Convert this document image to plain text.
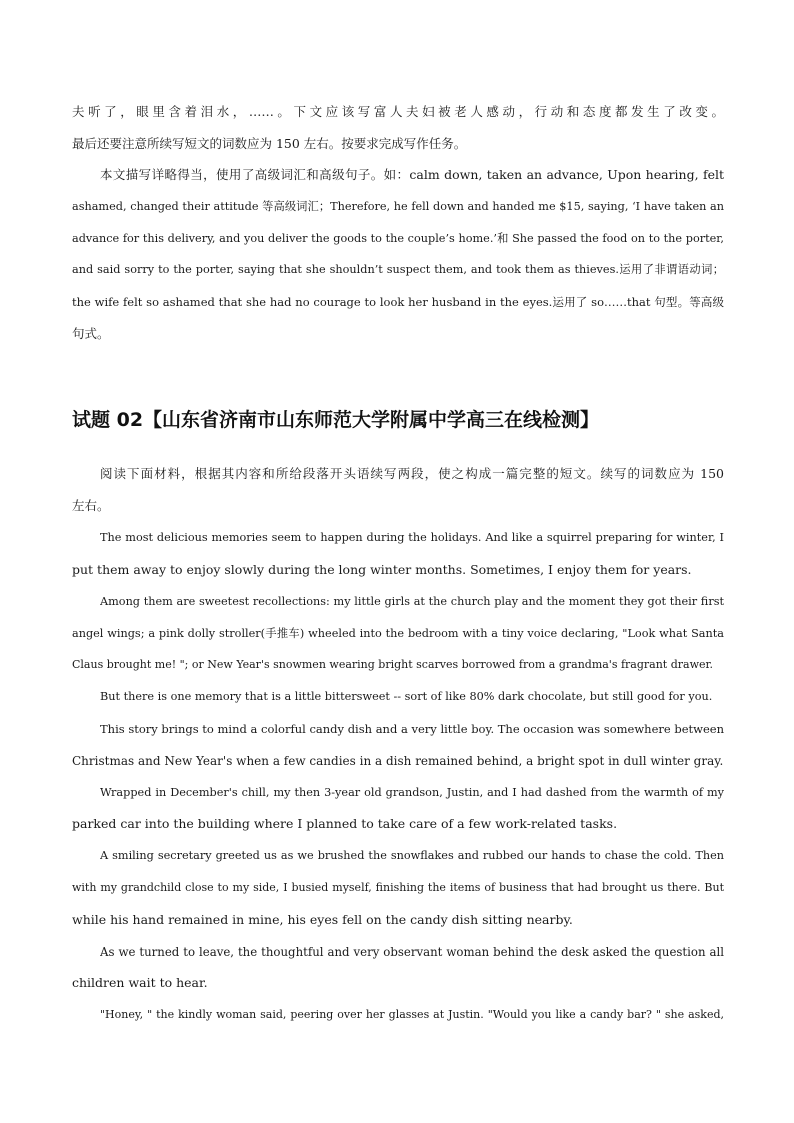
夫听了，眼里含着泪水，……。下文应该写富人夫妇被老人感动，行动和态度都发生了改变。
最后还要注意所续写短文的词数应为 150 左右。按要求完成写作任务。
本文描写详略得当，使用了高级词汇和高级句子。如：calm down, taken an advance, Upon hearing, felt
ashamed, changed their attitude 等高级词汇；Therefore, he fell down and handed me $15, saying, ‘I have taken an
advance for this delivery, and you deliver the goods to the couple’s home.’和 She passed the food on to the porter,
and said sorry to the porter, saying that she shouldn’t suspect them, and took them as thieves.运用了非谓语动词；
the wife felt so ashamed that she had no courage to look her husband in the eyes.运用了 so……that 句型。等高级
句式。
试题 02【山东省济南市山东师范大学附属中学高三在线检测】
阅读下面材料，根据其内容和所给段落开头语续写两段，使之构成一篇完整的短文。续写的词数应为 150
左右。
The most delicious memories seem to happen during the holidays. And like a squirrel preparing for winter, I
put them away to enjoy slowly during the long winter months. Sometimes, I enjoy them for years.
Among them are sweetest recollections: my little girls at the church play and the moment they got their first
angel wings; a pink dolly stroller(手推车) wheeled into the bedroom with a tiny voice declaring, "Look what Santa
Claus brought me! "; or New Year's snowmen wearing bright scarves borrowed from a grandma's fragrant drawer.
But there is one memory that is a little bittersweet -- sort of like 80% dark chocolate, but still good for you.
This story brings to mind a colorful candy dish and a very little boy. The occasion was somewhere between
Christmas and New Year's when a few candies in a dish remained behind, a bright spot in dull winter gray.
Wrapped in December's chill, my then 3-year old grandson, Justin, and I had dashed from the warmth of my
parked car into the building where I planned to take care of a few work-related tasks.
A smiling secretary greeted us as we brushed the snowflakes and rubbed our hands to chase the cold. Then
with my grandchild close to my side, I busied myself, finishing the items of business that had brought us there. But
while his hand remained in mine, his eyes fell on the candy dish sitting nearby.
As we turned to leave, the thoughtful and very observant woman behind the desk asked the question all
children wait to hear.
"Honey, " the kindly woman said, peering over her glasses at Justin. "Would you like a candy bar? " she asked,
